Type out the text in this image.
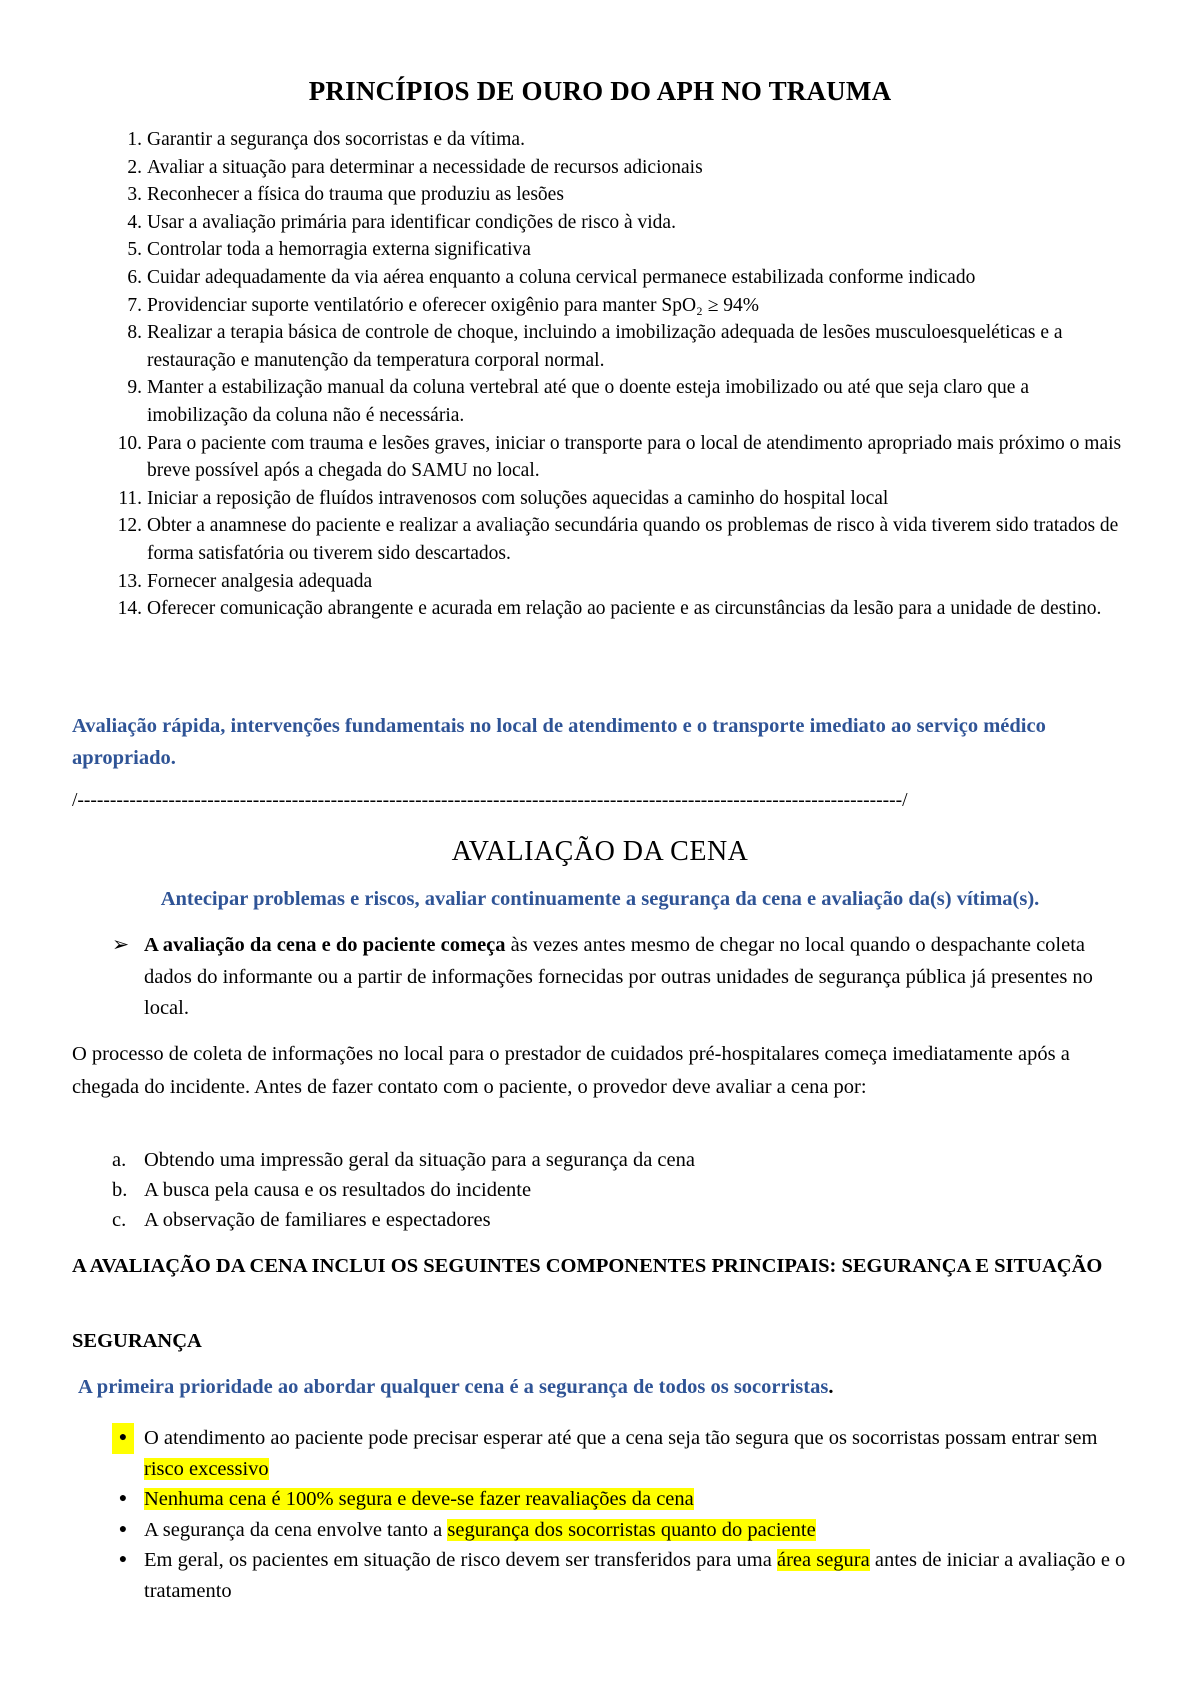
PRINCÍPIOS DE OURO DO APH NO TRAUMA
1. Garantir a segurança dos socorristas e da vítima.
2. Avaliar a situação para determinar a necessidade de recursos adicionais
3. Reconhecer a física do trauma que produziu as lesões
4. Usar a avaliação primária para identificar condições de risco à vida.
5. Controlar toda a hemorragia externa significativa
6. Cuidar adequadamente da via aérea enquanto a coluna cervical permanece estabilizada conforme indicado
7. Providenciar suporte ventilatório e oferecer oxigênio para manter SpO₂ ≥ 94%
8. Realizar a terapia básica de controle de choque, incluindo a imobilização adequada de lesões musculoesqueléticas e a restauração e manutenção da temperatura corporal normal.
9. Manter a estabilização manual da coluna vertebral até que o doente esteja imobilizado ou até que seja claro que a imobilização da coluna não é necessária.
10. Para o paciente com trauma e lesões graves, iniciar o transporte para o local de atendimento apropriado mais próximo o mais breve possível após a chegada do SAMU no local.
11. Iniciar a reposição de fluídos intravenosos com soluções aquecidas a caminho do hospital local
12. Obter a anamnese do paciente e realizar a avaliação secundária quando os problemas de risco à vida tiverem sido tratados de forma satisfatória ou tiverem sido descartados.
13. Fornecer analgesia adequada
14. Oferecer comunicação abrangente e acurada em relação ao paciente e as circunstâncias da lesão para a unidade de destino.
Avaliação rápida, intervenções fundamentais no local de atendimento e o transporte imediato ao serviço médico apropriado.
/-------------------------------------------------------------------------------------------------------------------------------/
AVALIAÇÃO DA CENA
Antecipar problemas e riscos, avaliar continuamente a segurança da cena e avaliação da(s) vítima(s).
➢ A avaliação da cena e do paciente começa às vezes antes mesmo de chegar no local quando o despachante coleta dados do informante ou a partir de informações fornecidas por outras unidades de segurança pública já presentes no local.
O processo de coleta de informações no local para o prestador de cuidados pré-hospitalares começa imediatamente após a chegada do incidente. Antes de fazer contato com o paciente, o provedor deve avaliar a cena por:
a. Obtendo uma impressão geral da situação para a segurança da cena
b. A busca pela causa e os resultados do incidente
c. A observação de familiares e espectadores
A AVALIAÇÃO DA CENA INCLUI OS SEGUINTES COMPONENTES PRINCIPAIS: SEGURANÇA E SITUAÇÃO
SEGURANÇA
A primeira prioridade ao abordar qualquer cena é a segurança de todos os socorristas.
● O atendimento ao paciente pode precisar esperar até que a cena seja tão segura que os socorristas possam entrar sem risco excessivo
● Nenhuma cena é 100% segura e deve-se fazer reavaliações da cena
● A segurança da cena envolve tanto a segurança dos socorristas quanto do paciente
● Em geral, os pacientes em situação de risco devem ser transferidos para uma área segura antes de iniciar a avaliação e o tratamento
